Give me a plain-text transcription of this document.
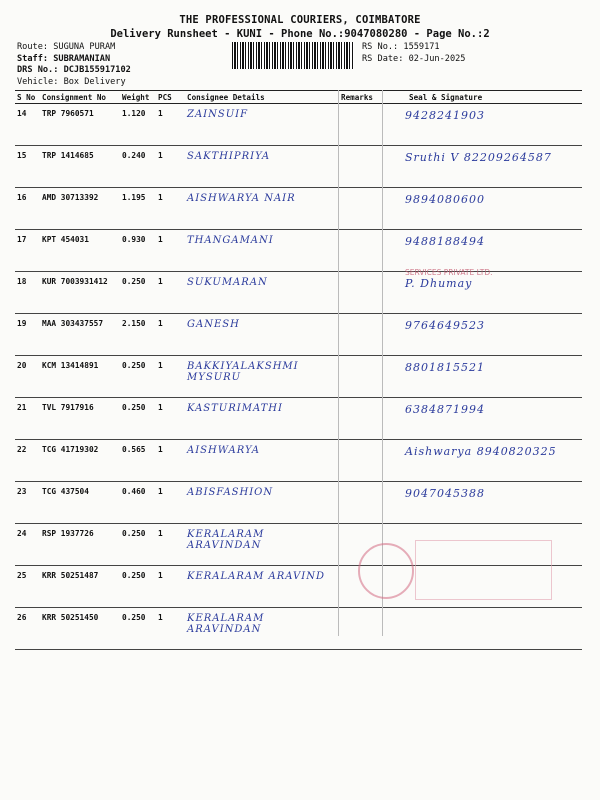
THE PROFESSIONAL COURIERS, COIMBATORE
Delivery Runsheet - KUNI - Phone No.:9047080280 - Page No.:2
Route: SUGUNA PURAM
Staff: SUBRAMANIAN
DRS No.: DCJB155917102
Vehicle: Box Delivery
RS No.: 1559171
RS Date: 02-Jun-2025
S No	Consignment No	Weight	PCS	Consignee Details	Remarks	Seal & Signature
14	TRP 7960571	1.120	1	ZAINSUIF		9428241903
15	TRP 1414685	0.240	1	SAKTHIPRIYA		Sruthi V 82209264587
16	AMD 30713392	1.195	1	AISHWARYA NAIR		9894080600
17	KPT 454031	0.930	1	THANGAMANI		9488188494
18	KUR 7003931412	0.250	1	SUKUMARAN		P. Dhumay
19	MAA 303437557	2.150	1	GANESH		9764649523
20	KCM 13414891	0.250	1	BAKKIYALAKSHMI MYSURU		8801815521
21	TVL 7917916	0.250	1	KASTURIMATHI		6384871994
22	TCG 41719302	0.565	1	AISHWARYA		Aishwarya 8940820325
23	TCG 437504	0.460	1	ABISFASHION		9047045388
24	RSP 1937726	0.250	1	KERALARAM ARAVINDAN		
25	KRR 50251487	0.250	1	KERALARAM ARAVIND		
26	KRR 50251450	0.250	1	KERALARAM ARAVINDAN		
SERVICES PRIVATE LTD.
